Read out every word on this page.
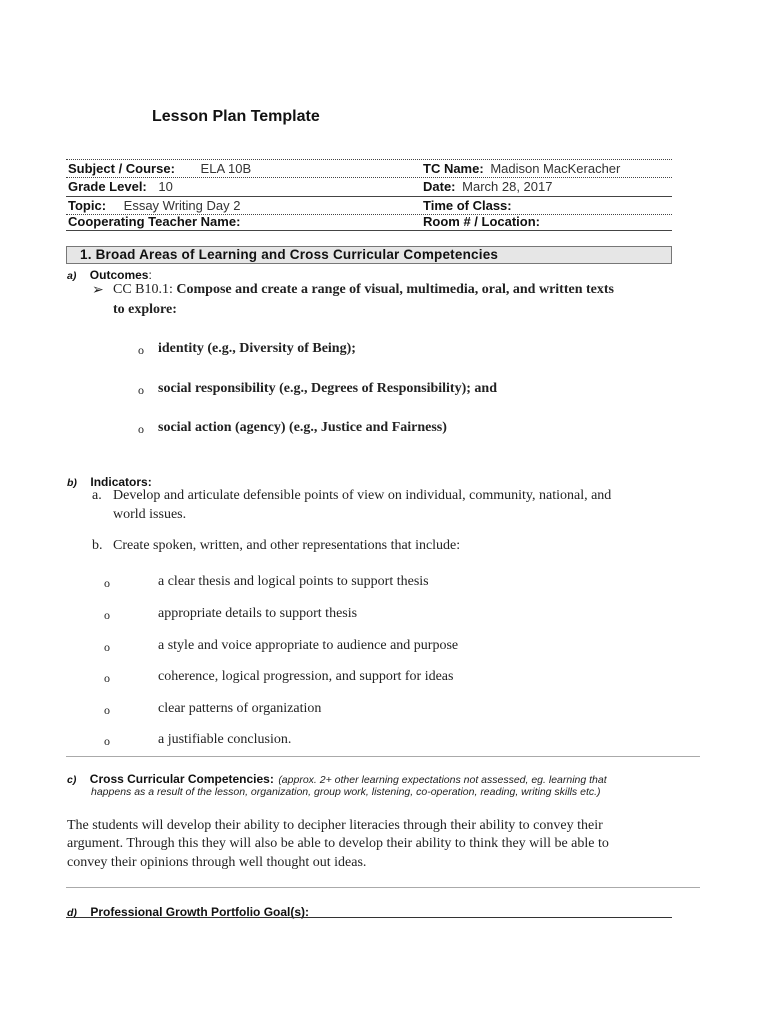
Lesson Plan Template
Subject / Course: ELA 10B	TC Name: Madison MacKeracher
Grade Level: 10	Date: March 28, 2017
Topic: Essay Writing Day 2	Time of Class:
Cooperating Teacher Name:	Room # / Location:
1. Broad Areas of Learning and Cross Curricular Competencies
a) Outcomes:
➢ CC B10.1: Compose and create a range of visual, multimedia, oral, and written texts
to explore:
o identity (e.g., Diversity of Being);
o social responsibility (e.g., Degrees of Responsibility); and
o social action (agency) (e.g., Justice and Fairness)
b) Indicators:
a. Develop and articulate defensible points of view on individual, community, national, and
world issues.
b. Create spoken, written, and other representations that include:
o	a clear thesis and logical points to support thesis
o	appropriate details to support thesis
o	a style and voice appropriate to audience and purpose
o	coherence, logical progression, and support for ideas
o	clear patterns of organization
o	a justifiable conclusion.
c) Cross Curricular Competencies: (approx. 2+ other learning expectations not assessed, eg. learning that
happens as a result of the lesson, organization, group work, listening, co-operation, reading, writing skills etc.)
The students will develop their ability to decipher literacies through their ability to convey their
argument. Through this they will also be able to develop their ability to think they will be able to
convey their opinions through well thought out ideas.
d) Professional Growth Portfolio Goal(s):
